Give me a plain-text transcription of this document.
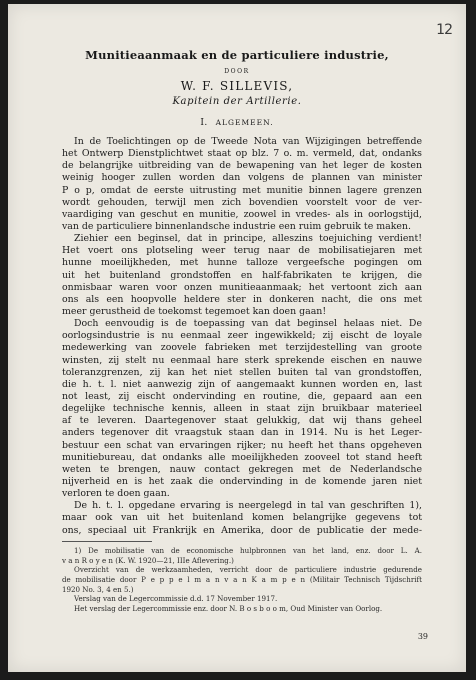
12
Munitieaanmaak en de particuliere industrie,
DOOR
W. F. SILLEVIS,
Kapitein der Artillerie.
I. ALGEMEEN.
In de Toelichtingen op de Tweede Nota van Wijzigingen betreffende
het Ontwerp Dienstplichtwet staat op blz. 7 o. m. vermeld, dat, ondanks
de belangrijke uitbreiding van de bewapening van het leger de kosten
weinig hooger zullen worden dan volgens de plannen van minister
P o p, omdat de eerste uitrusting met munitie binnen lagere grenzen
wordt gehouden, terwijl men zich bovendien voorstelt voor de ver-
vaardiging van geschut en munitie, zoowel in vredes- als in oorlogstijd,
van de particuliere binnenlandsche industrie een ruim gebruik te maken.
Ziehier een beginsel, dat in principe, alleszins toejuiching verdient!
Het voert ons plotseling weer terug naar de mobilisatiejaren met
hunne moeilijkheden, met hunne talloze vergeefsche pogingen om
uit het buitenland grondstoffen en half-fabrikaten te krijgen, die
onmisbaar waren voor onzen munitieaanmaak; het vertoont zich aan
ons als een hoopvolle heldere ster in donkeren nacht, die ons met
meer gerustheid de toekomst tegemoet kan doen gaan!
Doch eenvoudig is de toepassing van dat beginsel helaas niet. De
oorlogsindustrie is nu eenmaal zeer ingewikkeld; zij eischt de loyale
medewerking van zoovele fabrieken met terzijdestelling van groote
winsten, zij stelt nu eenmaal hare sterk sprekende eischen en nauwe
toleranzgrenzen, zij kan het niet stellen buiten tal van grondstoffen,
die h. t. l. niet aanwezig zijn of aangemaakt kunnen worden en, last
not least, zij eischt ondervinding en routine, die, gepaard aan een
degelijke technische kennis, alleen in staat zijn bruikbaar materieel
af te leveren. Daartegenover staat gelukkig, dat wij thans geheel
anders tegenover dit vraagstuk staan dan in 1914. Nu is het Leger-
bestuur een schat van ervaringen rijker; nu heeft het thans opgeheven
munitiebureau, dat ondanks alle moeilijkheden zooveel tot stand heeft
weten te brengen, nauw contact gekregen met de Nederlandsche
nijverheid en is het zaak die ondervinding in de komende jaren niet
verloren te doen gaan.
De h. t. l. opgedane ervaring is neergelegd in tal van geschriften 1),
maar ook van uit het buitenland komen belangrijke gegevens tot
ons, speciaal uit Frankrijk en Amerika, door de publicatie der mede-
1) De mobilisatie van de economische hulpbronnen van het land, enz. door L. A.
v a n R o y e n (K. W. 1920—21, IIIe Aflevering.)
Overzicht van de werkzaamheden, verricht door de particuliere industrie gedurende
de mobilisatie door P e p p e l m a n v a n K a m p e n (Militair Technisch Tijdschrift
1920 No. 3, 4 en 5.)
Verslag van de Legercommissie d.d. 17 November 1917.
Het verslag der Legercommissie enz. door N. B o s b o o m, Oud Minister van Oorlog.
39
